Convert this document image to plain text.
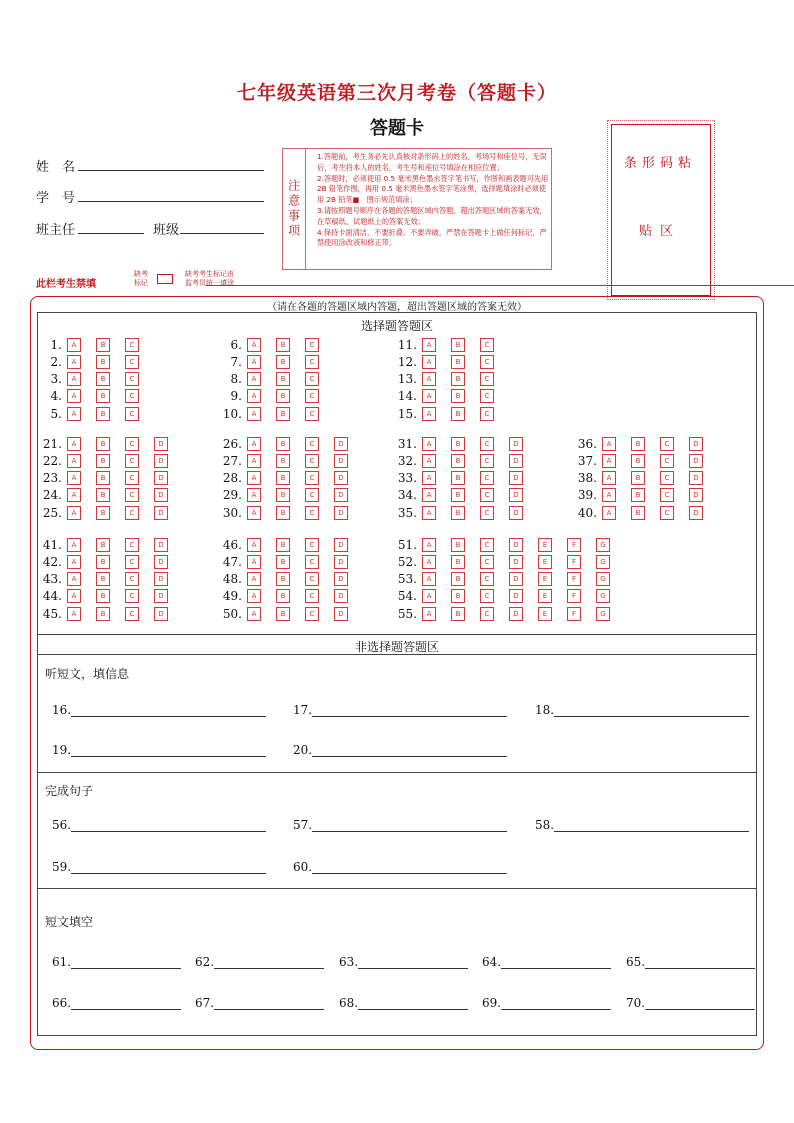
七年级英语第三次月考卷（答题卡）
答题卡
姓　名
学　号
班主任	班级	注意事项
1.答题前，考生务必先认真核对条形码上的姓名，考场号和座位号，无误后，考生将本人的姓名，考生号和座位号填涂在相应位置；
2.答题时，必须使用 0.5 毫米黑色墨水签字笔书写，作图和画表题可先用 2B 铅笔作图，再用 0.5 毫米黑色墨水签字笔涂黑，选择题填涂时必须使用 2B 铅笔■　图示规范填涂；
3.请按照题号顺序在各题的答题区域内答题，超出答题区域的答案无效，在草稿纸、试题纸上的答案无效；
4.保持卡面清洁，不要折叠、不要弄破，严禁在答题卡上做任何标记，严禁使用涂改液和修正带。
条形码粘
贴区
此栏考生禁填
缺考
标记
缺考考生标记由
监考员统一填涂
（请在各题的答题区域内答题，超出答题区域的答案无效）
选择题答题区
1. A	B	C
2. A	B	C
3. A	B	C
4. A	B	C
5. A	B	C
6. A	B	C
7. A	B	C
8. A	B	C
9. A	B	C
10. A	B	C
11. A	B	C
12. A	B	C
13. A	B	C
14. A	B	C
15. A	B	C
21. A	B	C	D
22. A	B	C	D
23. A	B	C	D
24. A	B	C	D
25. A	B	C	D
26. A	B	C	D
27. A	B	C	D
28. A	B	C	D
29. A	B	C	D
30. A	B	C	D
31. A	B	C	D
32. A	B	C	D
33. A	B	C	D
34. A	B	C	D
35. A	B	C	D
36. A	B	C	D
37. A	B	C	D
38. A	B	C	D
39. A	B	C	D
40. A	B	C	D
41. A	B	C	D
42. A	B	C	D
43. A	B	C	D
44. A	B	C	D
45. A	B	C	D
46. A	B	C	D
47. A	B	C	D
48. A	B	C	D
49. A	B	C	D
50. A	B	C	D
51. A	B	C	D	E	F	G
52. A	B	C	D	E	F	G
53. A	B	C	D	E	F	G
54. A	B	C	D	E	F	G
55. A	B	C	D	E	F	G
非选择题答题区
听短文，填信息
完成句子
短文填空
16.	17.	18.
19.	20.
56.	57.	58.
59.	60.
61.	62.	63.	64.	65.
66.	67.	68.	69.	70.
